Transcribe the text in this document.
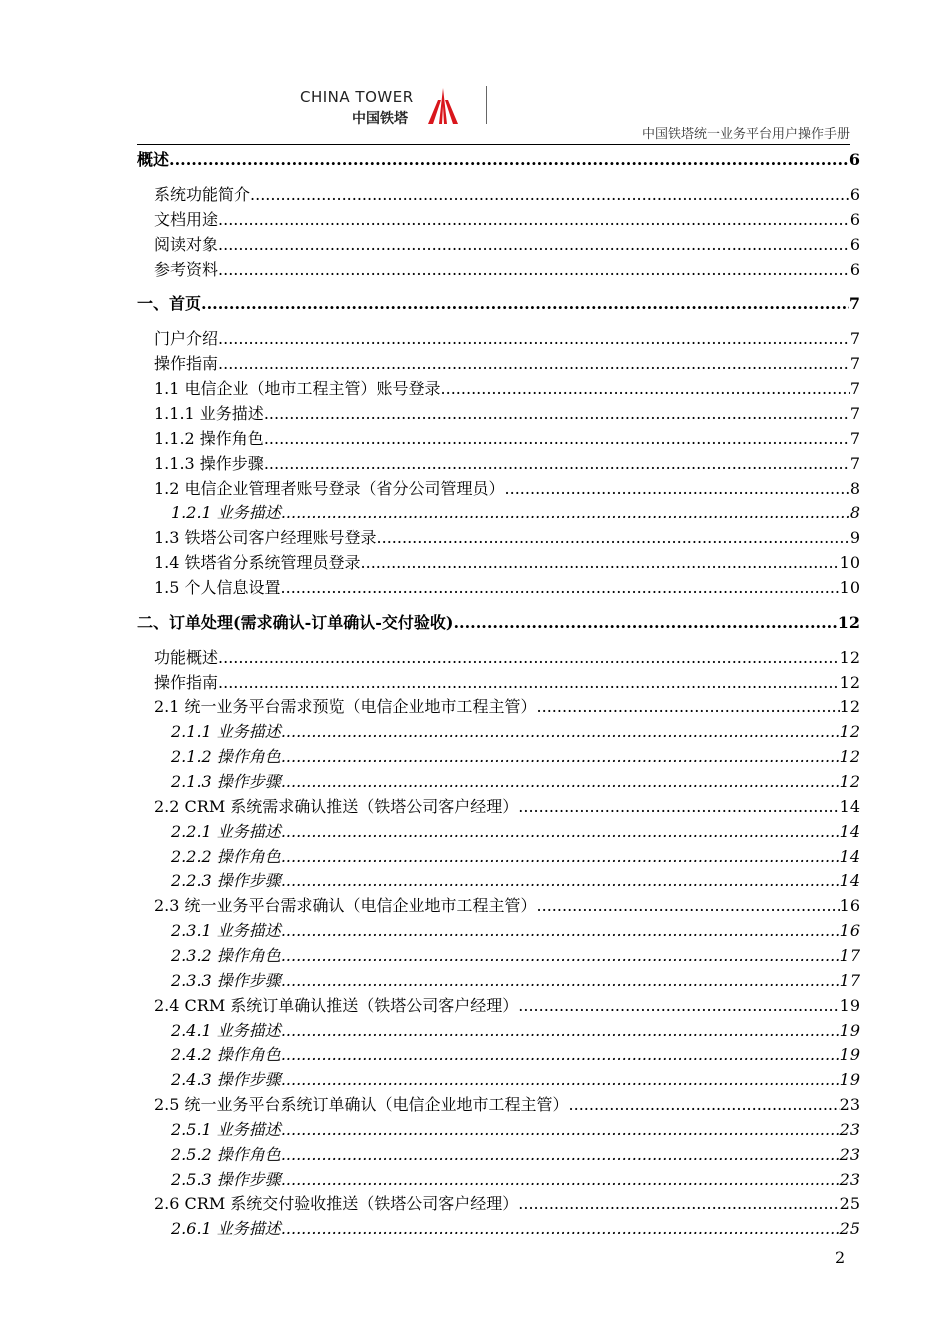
CHINA TOWER
中国铁塔
中国铁塔统一业务平台用户操作手册
概述 .....	6
系统功能简介 .....	6
文档用途 .....	6
阅读对象 .....	6
参考资料 .....	6
一、首页 .....	7
门户介绍 .....	7
操作指南 .....	7
1.1 电信企业（地市工程主管）账号登录 .....	7
1.1.1 业务描述 .....	7
1.1.2 操作角色 .....	7
1.1.3 操作步骤 .....	7
1.2 电信企业管理者账号登录（省分公司管理员） .....	8
1.2.1 业务描述 .....	8
1.3 铁塔公司客户经理账号登录 .....	9
1.4 铁塔省分系统管理员登录 .....	10
1.5 个人信息设置 .....	10
二、订单处理(需求确认-订单确认-交付验收) .....	12
功能概述 .....	12
操作指南 .....	12
2.1 统一业务平台需求预览（电信企业地市工程主管） .....	12
2.1.1 业务描述 .....	12
2.1.2 操作角色 .....	12
2.1.3 操作步骤 .....	12
2.2 CRM 系统需求确认推送（铁塔公司客户经理） .....	14
2.2.1 业务描述 .....	14
2.2.2 操作角色 .....	14
2.2.3 操作步骤 .....	14
2.3 统一业务平台需求确认（电信企业地市工程主管） .....	16
2.3.1 业务描述 .....	16
2.3.2 操作角色 .....	17
2.3.3 操作步骤 .....	17
2.4 CRM 系统订单确认推送（铁塔公司客户经理） .....	19
2.4.1 业务描述 .....	19
2.4.2 操作角色 .....	19
2.4.3 操作步骤 .....	19
2.5 统一业务平台系统订单确认（电信企业地市工程主管） .....	23
2.5.1 业务描述 .....	23
2.5.2 操作角色 .....	23
2.5.3 操作步骤 .....	23
2.6 CRM 系统交付验收推送（铁塔公司客户经理） .....	25
2.6.1 业务描述 .....	25
2
